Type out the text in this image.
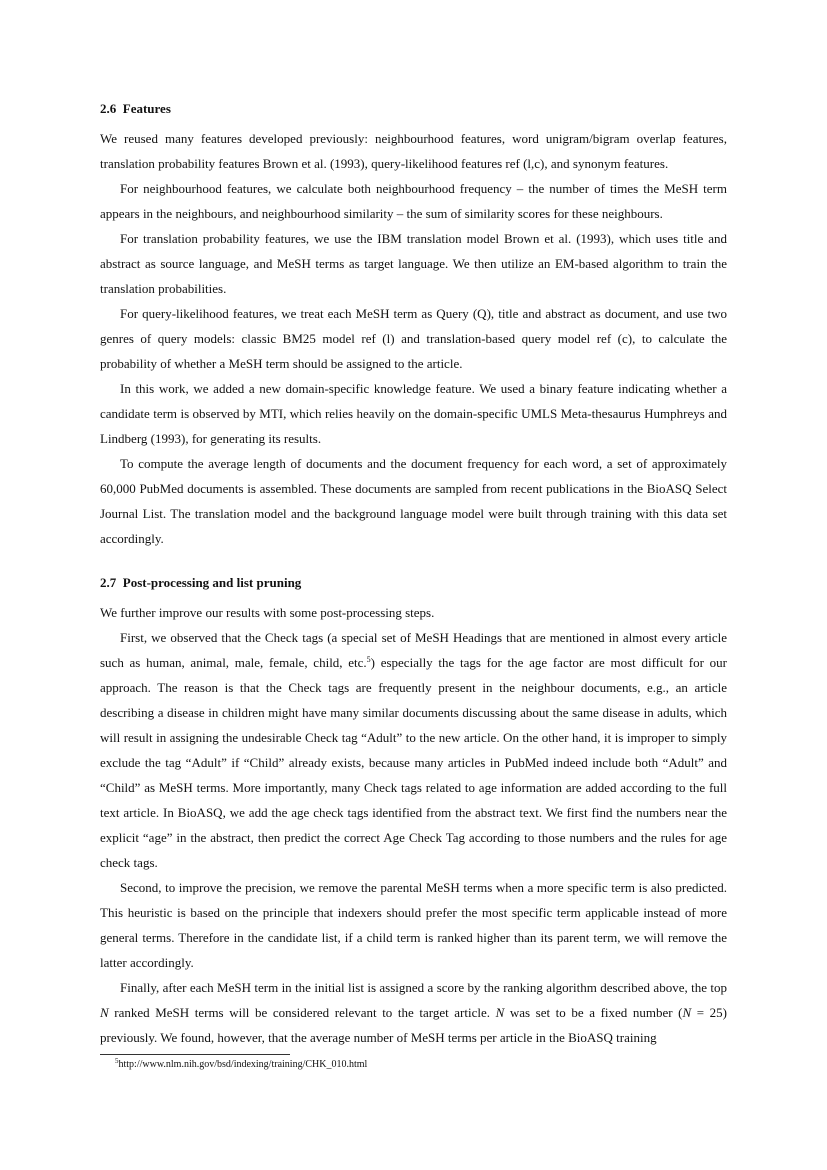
2.6 Features

We reused many features developed previously: neighbourhood features, word unigram/bigram overlap features, translation probability features Brown et al. (1993), query-likelihood features ref (l,c), and synonym features.

For neighbourhood features, we calculate both neighbourhood frequency – the number of times the MeSH term appears in the neighbours, and neighbourhood similarity – the sum of similarity scores for these neighbours.

For translation probability features, we use the IBM translation model Brown et al. (1993), which uses title and abstract as source language, and MeSH terms as target language. We then utilize an EM-based algorithm to train the translation probabilities.

For query-likelihood features, we treat each MeSH term as Query (Q), title and abstract as document, and use two genres of query models: classic BM25 model ref (l) and translation-based query model ref (c), to calculate the probability of whether a MeSH term should be assigned to the article.

In this work, we added a new domain-specific knowledge feature. We used a binary feature indicating whether a candidate term is observed by MTI, which relies heavily on the domain-specific UMLS Meta-thesaurus Humphreys and Lindberg (1993), for generating its results.

To compute the average length of documents and the document frequency for each word, a set of approximately 60,000 PubMed documents is assembled. These documents are sampled from recent publications in the BioASQ Select Journal List. The translation model and the background language model were built through training with this data set accordingly.

2.7 Post-processing and list pruning

We further improve our results with some post-processing steps.

First, we observed that the Check tags (a special set of MeSH Headings that are mentioned in almost every article such as human, animal, male, female, child, etc.$^5$) especially the tags for the age factor are most difficult for our approach. The reason is that the Check tags are frequently present in the neighbour documents, e.g., an article describing a disease in children might have many similar documents discussing about the same disease in adults, which will result in assigning the undesirable Check tag “Adult” to the new article. On the other hand, it is improper to simply exclude the tag “Adult” if “Child” already exists, because many articles in PubMed indeed include both “Adult” and “Child” as MeSH terms. More importantly, many Check tags related to age information are added according to the full text article. In BioASQ, we add the age check tags identified from the abstract text. We first find the numbers near the explicit “age” in the abstract, then predict the correct Age Check Tag according to those numbers and the rules for age check tags.

Second, to improve the precision, we remove the parental MeSH terms when a more specific term is also predicted. This heuristic is based on the principle that indexers should prefer the most specific term applicable instead of more general terms. Therefore in the candidate list, if a child term is ranked higher than its parent term, we will remove the latter accordingly.

Finally, after each MeSH term in the initial list is assigned a score by the ranking algorithm described above, the top N ranked MeSH terms will be considered relevant to the target article. N was set to be a fixed number (N = 25) previously. We found, however, that the average number of MeSH terms per article in the BioASQ training

$^5$http://www.nlm.nih.gov/bsd/indexing/training/CHK_010.html
